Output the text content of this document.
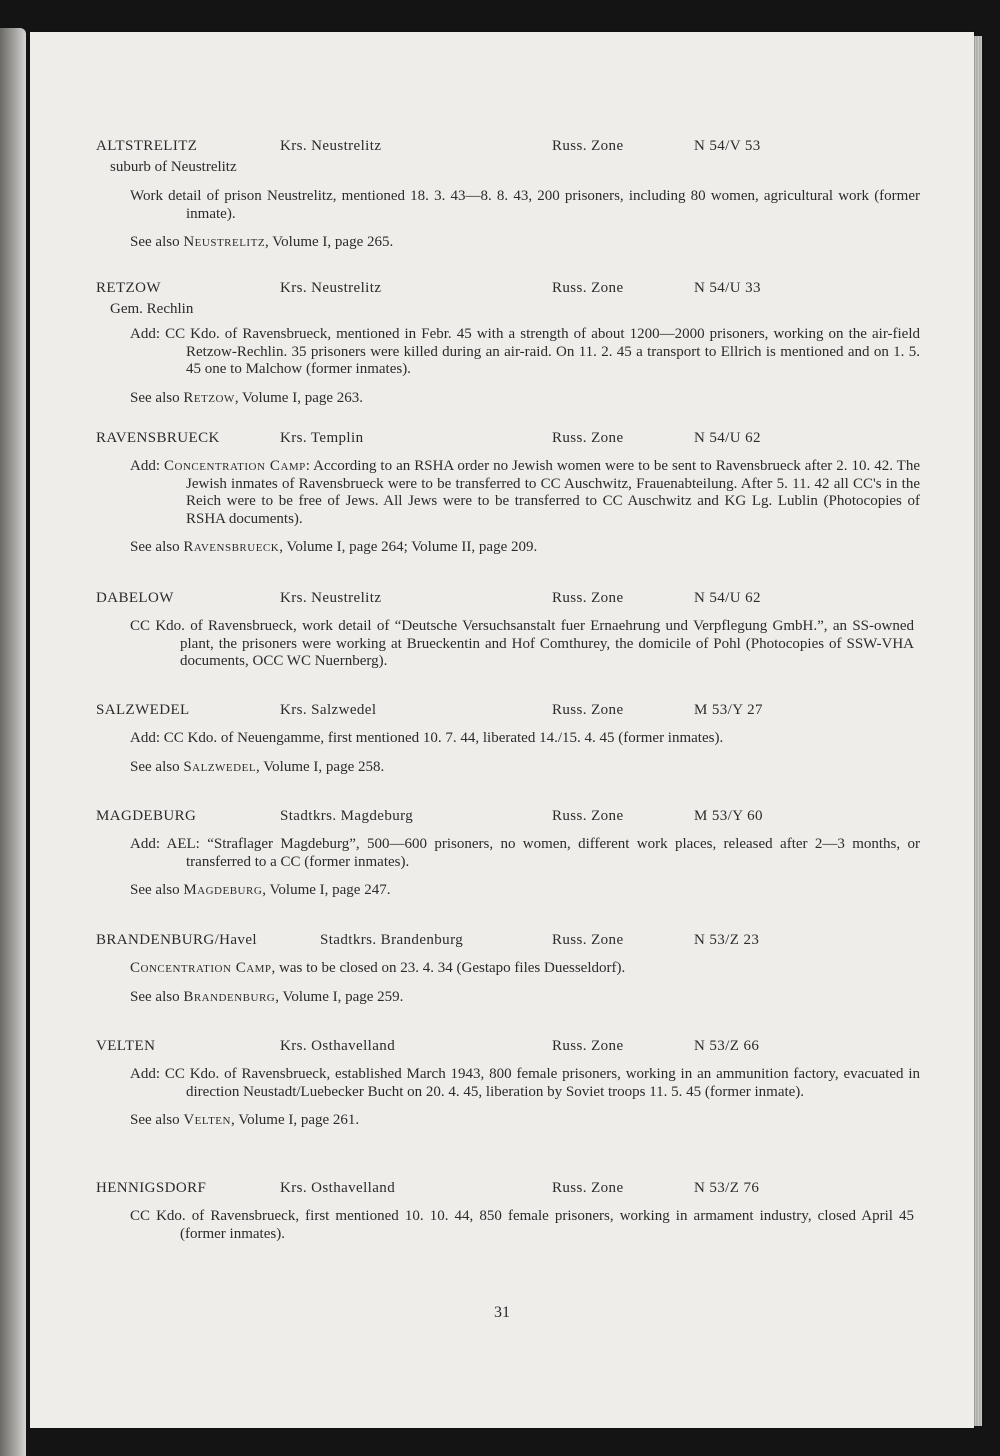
ALTSTRELITZ	Krs. Neustrelitz	Russ. Zone	N 54/V 53
suburb of Neustrelitz
Work detail of prison Neustrelitz, mentioned 18. 3. 43—8. 8. 43, 200 prisoners, including 80 women, agricultural work (former inmate).
See also Neustrelitz, Volume I, page 265.
RETZOW	Krs. Neustrelitz	Russ. Zone	N 54/U 33
Gem. Rechlin
Add: CC Kdo. of Ravensbrueck, mentioned in Febr. 45 with a strength of about 1200—2000 prisoners, working on the air-field Retzow-Rechlin. 35 prisoners were killed during an air-raid. On 11. 2. 45 a transport to Ellrich is mentioned and on 1. 5. 45 one to Malchow (former inmates).
See also Retzow, Volume I, page 263.
RAVENSBRUECK	Krs. Templin	Russ. Zone	N 54/U 62
Add: Concentration Camp: According to an RSHA order no Jewish women were to be sent to Ravensbrueck after 2. 10. 42. The Jewish inmates of Ravensbrueck were to be transferred to CC Auschwitz, Frauenabteilung. After 5. 11. 42 all CC's in the Reich were to be free of Jews. All Jews were to be transferred to CC Auschwitz and KG Lg. Lublin (Photocopies of RSHA documents).
See also Ravensbrueck, Volume I, page 264; Volume II, page 209.
DABELOW	Krs. Neustrelitz	Russ. Zone	N 54/U 62
CC Kdo. of Ravensbrueck, work detail of “Deutsche Versuchsanstalt fuer Ernaehrung und Verpflegung GmbH.”, an SS-owned plant, the prisoners were working at Brueckentin and Hof Comthurey, the domicile of Pohl (Photocopies of SSW-VHA documents, OCC WC Nuernberg).
SALZWEDEL	Krs. Salzwedel	Russ. Zone	M 53/Y 27
Add: CC Kdo. of Neuengamme, first mentioned 10. 7. 44, liberated 14./15. 4. 45 (former inmates).
See also Salzwedel, Volume I, page 258.
MAGDEBURG	Stadtkrs. Magdeburg	Russ. Zone	M 53/Y 60
Add: AEL: “Straflager Magdeburg”, 500—600 prisoners, no women, different work places, released after 2—3 months, or transferred to a CC (former inmates).
See also Magdeburg, Volume I, page 247.
BRANDENBURG/Havel	Stadtkrs. Brandenburg	Russ. Zone	N 53/Z 23
Concentration Camp, was to be closed on 23. 4. 34 (Gestapo files Duesseldorf).
See also Brandenburg, Volume I, page 259.
VELTEN	Krs. Osthavelland	Russ. Zone	N 53/Z 66
Add: CC Kdo. of Ravensbrueck, established March 1943, 800 female prisoners, working in an ammunition factory, evacuated in direction Neustadt/Luebecker Bucht on 20. 4. 45, liberation by Soviet troops 11. 5. 45 (former inmate).
See also Velten, Volume I, page 261.
HENNIGSDORF	Krs. Osthavelland	Russ. Zone	N 53/Z 76
CC Kdo. of Ravensbrueck, first mentioned 10. 10. 44, 850 female prisoners, working in armament industry, closed April 45 (former inmates).
31
